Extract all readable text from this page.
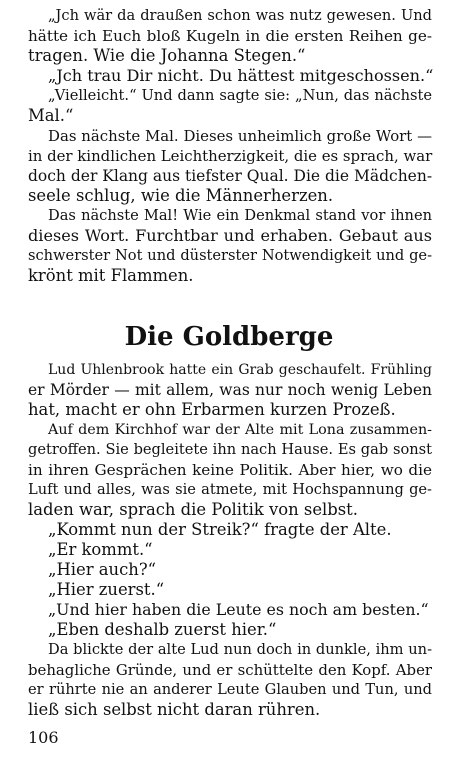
„Jch wär da draußen schon was nutz gewesen. Und
hätte ich Euch bloß Kugeln in die ersten Reihen ge-
tragen. Wie die Johanna Stegen.“
„Jch trau Dir nicht. Du hättest mitgeschossen.“
„Vielleicht.“ Und dann sagte sie: „Nun, das nächste
Mal.“
Das nächste Mal. Dieses unheimlich große Wort —
in der kindlichen Leichtherzigkeit, die es sprach, war
doch der Klang aus tiefster Qual. Die die Mädchen-
seele schlug, wie die Männerherzen.
Das nächste Mal! Wie ein Denkmal stand vor ihnen
dieses Wort. Furchtbar und erhaben. Gebaut aus
schwerster Not und düsterster Notwendigkeit und ge-
krönt mit Flammen.
Die Goldberge
Lud Uhlenbrook hatte ein Grab geschaufelt. Frühling
er Mörder — mit allem, was nur noch wenig Leben
hat, macht er ohn Erbarmen kurzen Prozeß.
Auf dem Kirchhof war der Alte mit Lona zusammen-
getroffen. Sie begleitete ihn nach Hause. Es gab sonst
in ihren Gesprächen keine Politik. Aber hier, wo die
Luft und alles, was sie atmete, mit Hochspannung ge-
laden war, sprach die Politik von selbst.
„Kommt nun der Streik?“ fragte der Alte.
„Er kommt.“
„Hier auch?“
„Hier zuerst.“
„Und hier haben die Leute es noch am besten.“
„Eben deshalb zuerst hier.“
Da blickte der alte Lud nun doch in dunkle, ihm un-
behagliche Gründe, und er schüttelte den Kopf. Aber
er rührte nie an anderer Leute Glauben und Tun, und
ließ sich selbst nicht daran rühren.
106
